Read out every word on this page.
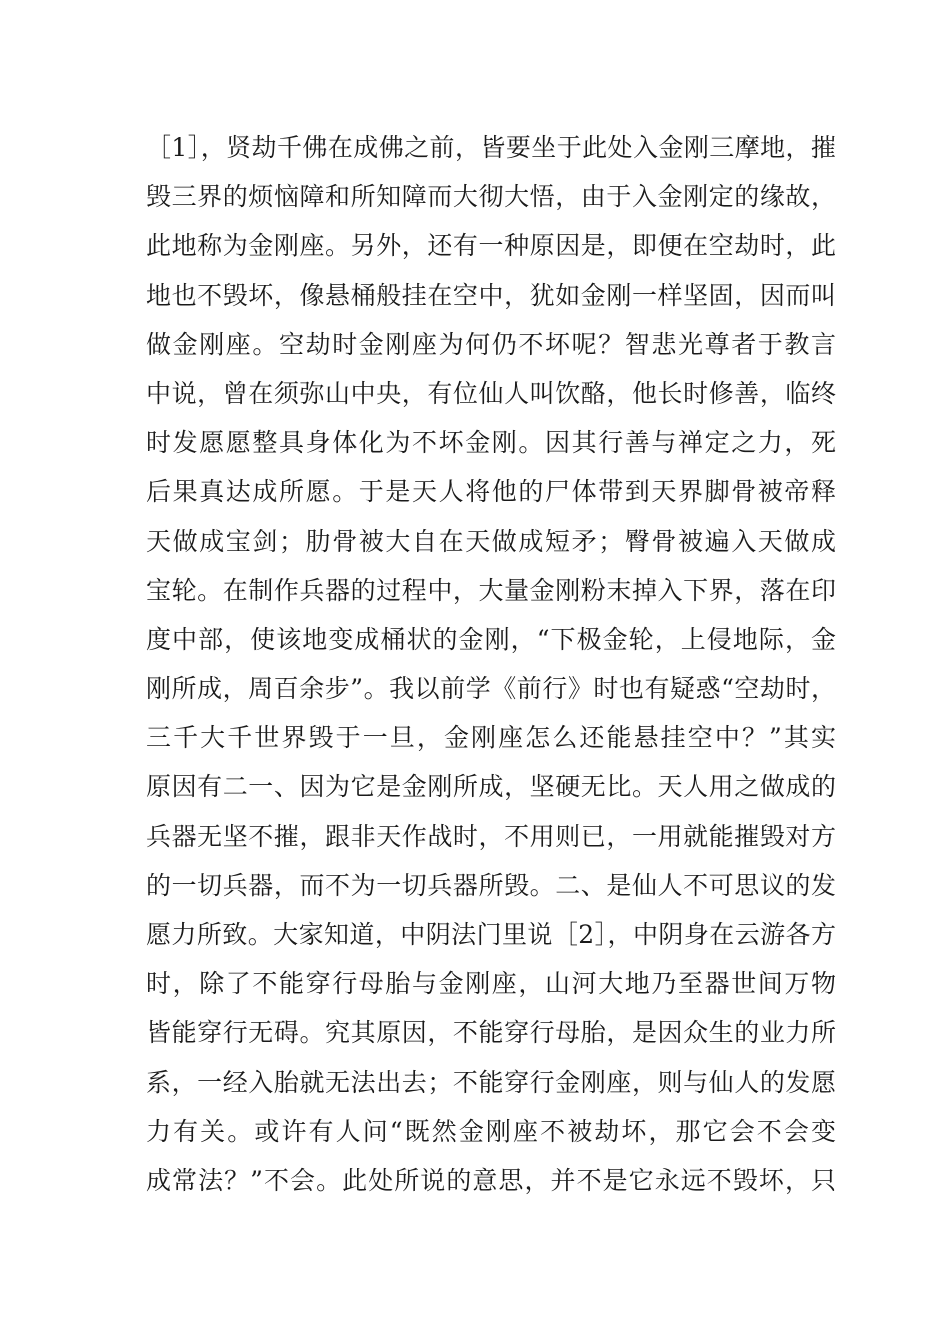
［1］，贤劫千佛在成佛之前，皆要坐于此处入金刚三摩地，摧
毁三界的烦恼障和所知障而大彻大悟，由于入金刚定的缘故，
此地称为金刚座。另外，还有一种原因是，即便在空劫时，此
地也不毁坏，像悬桶般挂在空中，犹如金刚一样坚固，因而叫
做金刚座。空劫时金刚座为何仍不坏呢？智悲光尊者于教言
中说，曾在须弥山中央，有位仙人叫饮酪，他长时修善，临终
时发愿愿整具身体化为不坏金刚。因其行善与禅定之力，死
后果真达成所愿。于是天人将他的尸体带到天界脚骨被帝释
天做成宝剑；肋骨被大自在天做成短矛；臀骨被遍入天做成
宝轮。在制作兵器的过程中，大量金刚粉末掉入下界，落在印
度中部，使该地变成桶状的金刚，“下极金轮，上侵地际，金
刚所成，周百余步”。我以前学《前行》时也有疑惑“空劫时，
三千大千世界毁于一旦，金刚座怎么还能悬挂空中？”其实
原因有二一、因为它是金刚所成，坚硬无比。天人用之做成的
兵器无坚不摧，跟非天作战时，不用则已，一用就能摧毁对方
的一切兵器，而不为一切兵器所毁。二、是仙人不可思议的发
愿力所致。大家知道，中阴法门里说［2］，中阴身在云游各方
时，除了不能穿行母胎与金刚座，山河大地乃至器世间万物
皆能穿行无碍。究其原因，不能穿行母胎，是因众生的业力所
系，一经入胎就无法出去；不能穿行金刚座，则与仙人的发愿
力有关。或许有人问“既然金刚座不被劫坏，那它会不会变
成常法？”不会。此处所说的意思，并不是它永远不毁坏，只
